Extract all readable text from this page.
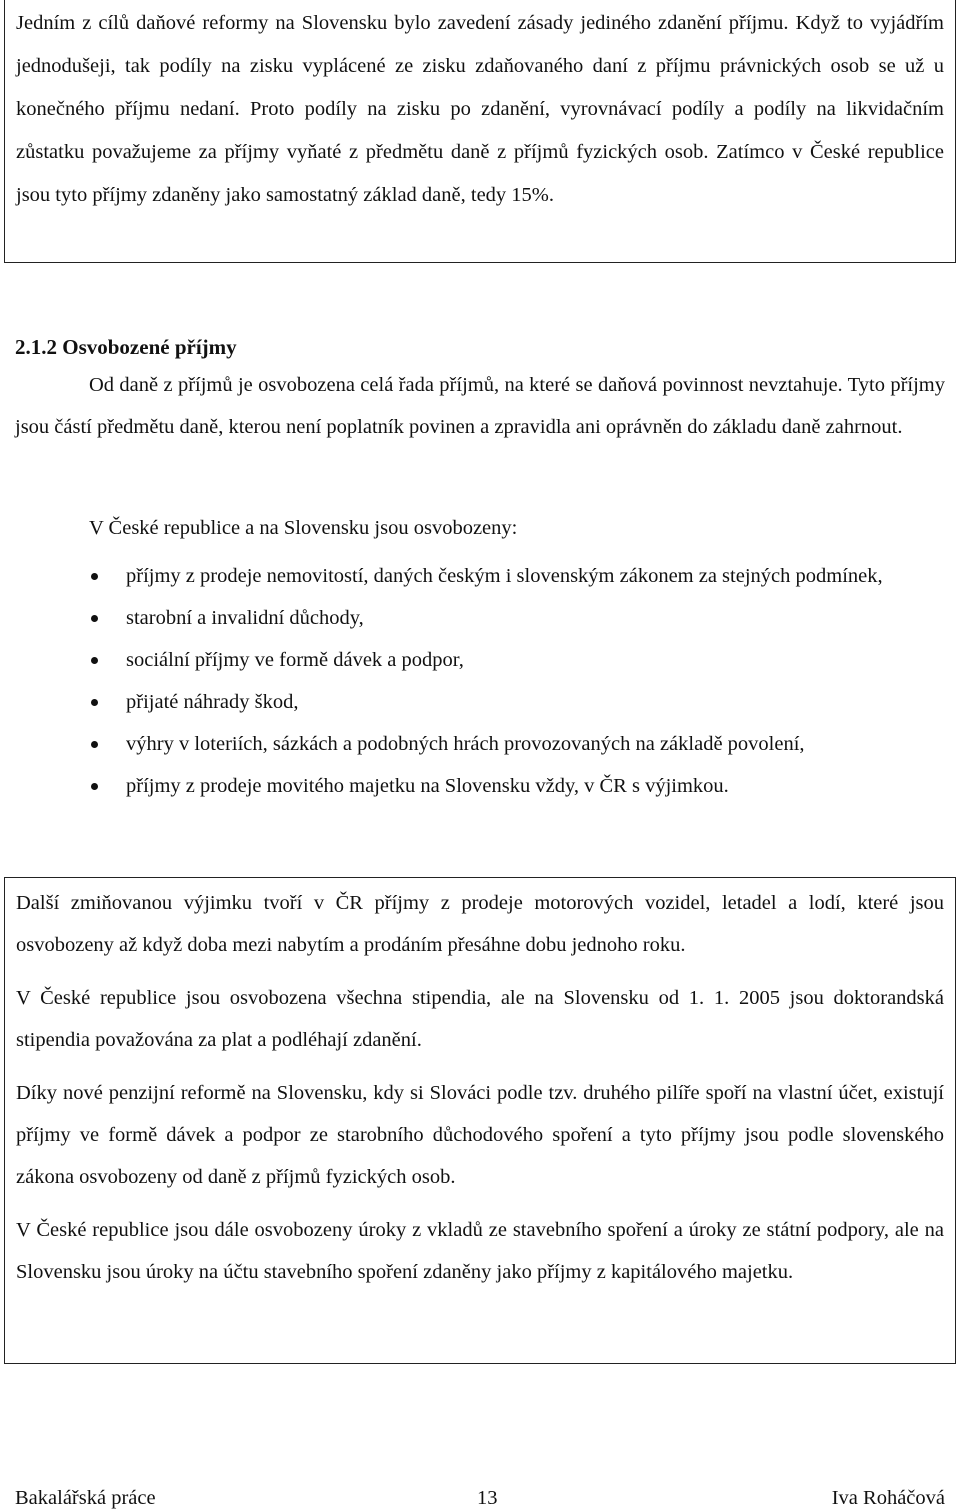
Jedním z cílů daňové reformy na Slovensku bylo zavedení zásady jediného zdanění příjmu. Když to vyjádřím jednodušeji, tak podíly na zisku vyplácené ze zisku zdaňovaného daní z příjmu právnických osob se už u konečného příjmu nedaní. Proto podíly na zisku po zdanění, vyrovnávací podíly a podíly na likvidačním zůstatku považujeme za příjmy vyňaté z předmětu daně z příjmů fyzických osob. Zatímco v České republice jsou tyto příjmy zdaněny jako samostatný základ daně, tedy 15%.

2.1.2 Osvobozené příjmy

Od daně z příjmů je osvobozena celá řada příjmů, na které se daňová povinnost nevztahuje. Tyto příjmy jsou částí předmětu daně, kterou není poplatník povinen a zpravidla ani oprávněn do základu daně zahrnout.

V České republice a na Slovensku jsou osvobozeny:
příjmy z prodeje nemovitostí, daných českým i slovenským zákonem za stejných podmínek,
starobní a invalidní důchody,
sociální příjmy ve formě dávek a podpor,
přijaté náhrady škod,
výhry v loteriích, sázkách a podobných hrách provozovaných na základě povolení,
příjmy z prodeje movitého majetku na Slovensku vždy, v ČR s výjimkou.

Další zmiňovanou výjimku tvoří v ČR příjmy z prodeje motorových vozidel, letadel a lodí, které jsou osvobozeny až když doba mezi nabytím a prodáním přesáhne dobu jednoho roku.

V České republice jsou osvobozena všechna stipendia, ale na Slovensku od 1. 1. 2005 jsou doktorandská stipendia považována za plat a podléhají zdanění.

Díky nové penzijní reformě na Slovensku, kdy si Slováci podle tzv. druhého pilíře spoří na vlastní účet, existují příjmy ve formě dávek a podpor ze starobního důchodového spoření a tyto příjmy jsou podle slovenského zákona osvobozeny od daně z příjmů fyzických osob.

V České republice jsou dále osvobozeny úroky z vkladů ze stavebního spoření a úroky ze státní podpory, ale na Slovensku jsou úroky na účtu stavebního spoření zdaněny jako příjmy z kapitálového majetku.

Bakalářská práce	13	Iva Roháčová
